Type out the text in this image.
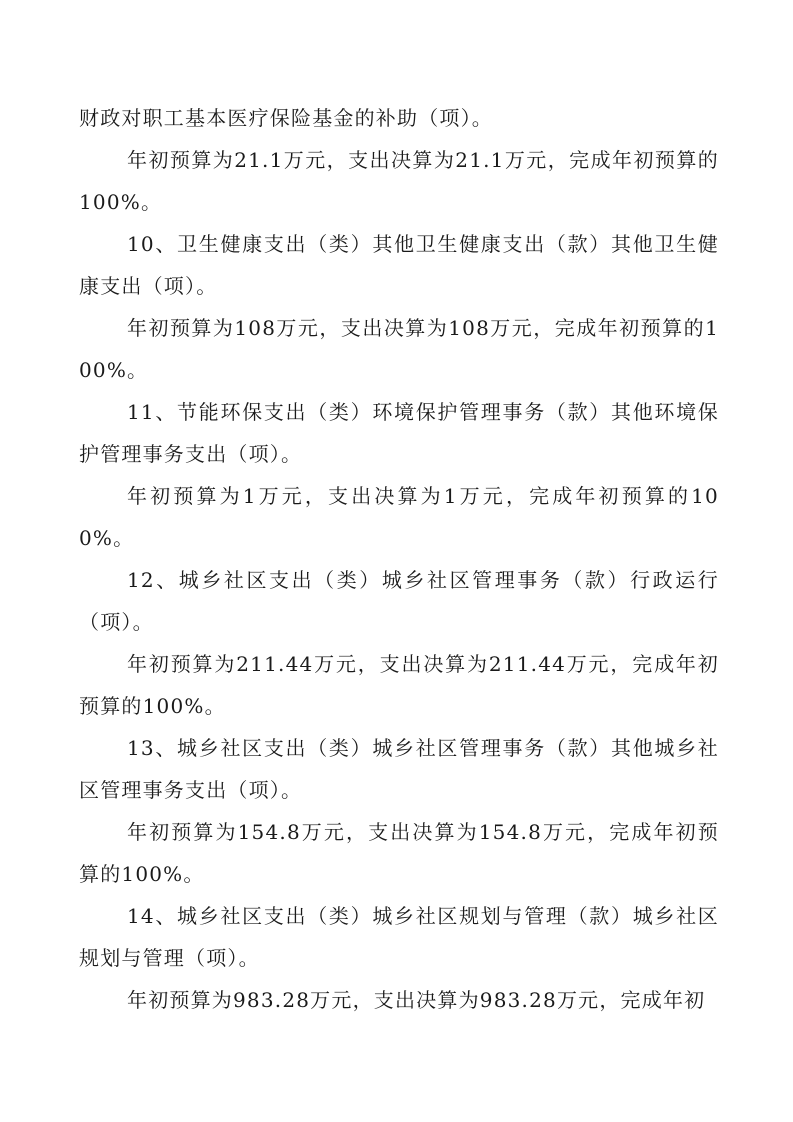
财政对职工基本医疗保险基金的补助（项）。

年初预算为21.1万元，支出决算为21.1万元，完成年初预算的100%。

10、卫生健康支出（类）其他卫生健康支出（款）其他卫生健康支出（项）。

年初预算为108万元，支出决算为108万元，完成年初预算的100%。

11、节能环保支出（类）环境保护管理事务（款）其他环境保护管理事务支出（项）。

年初预算为1万元，支出决算为1万元，完成年初预算的100%。

12、城乡社区支出（类）城乡社区管理事务（款）行政运行（项）。

年初预算为211.44万元，支出决算为211.44万元，完成年初预算的100%。

13、城乡社区支出（类）城乡社区管理事务（款）其他城乡社区管理事务支出（项）。

年初预算为154.8万元，支出决算为154.8万元，完成年初预算的100%。

14、城乡社区支出（类）城乡社区规划与管理（款）城乡社区规划与管理（项）。

年初预算为983.28万元，支出决算为983.28万元，完成年初
